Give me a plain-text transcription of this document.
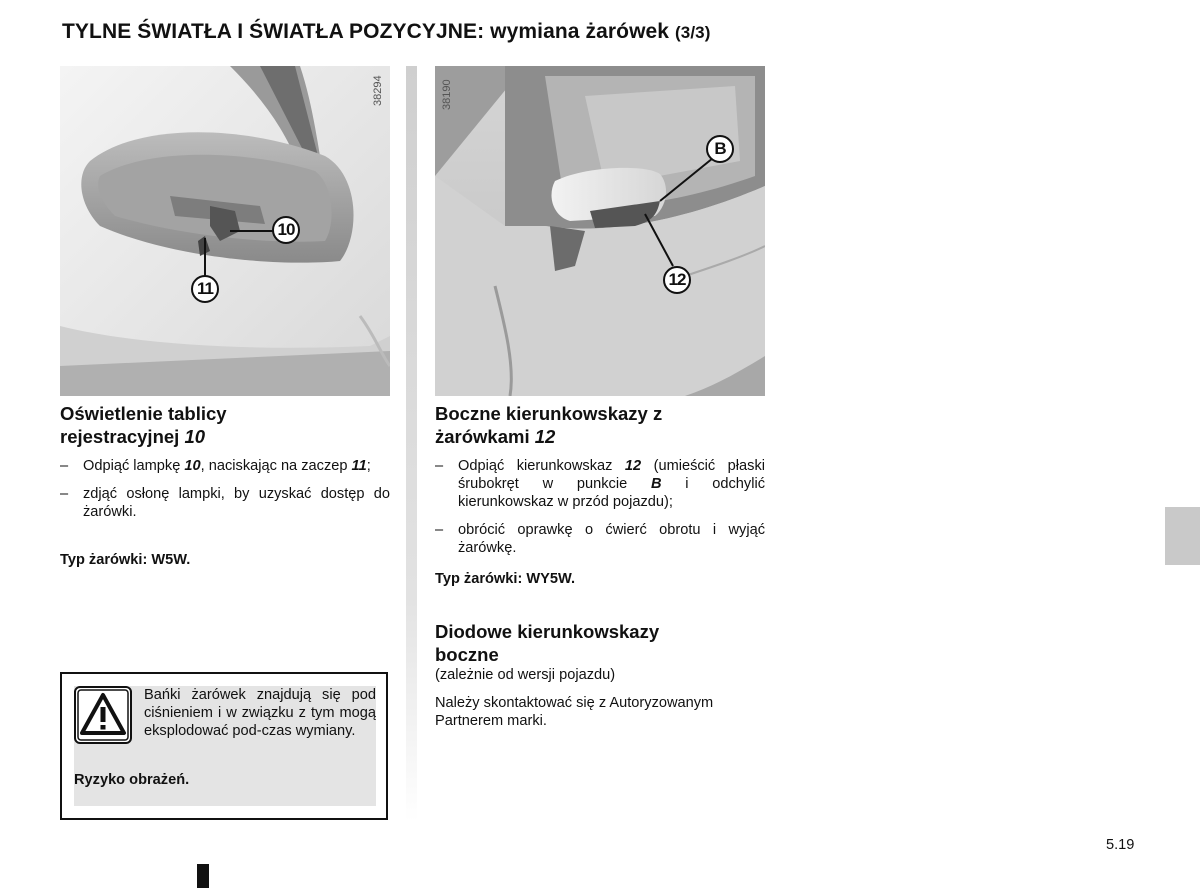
TYLNE ŚWIATŁA I ŚWIATŁA POZYCYJNE: wymiana żarówek (3/3)
38294
10
11
38190
B
12
Oświetlenie tablicy
rejestracyjnej 10
– Odpiąć lampkę 10, naciskając na zaczep 11;
– zdjąć osłonę lampki, by uzyskać dostęp do żarówki.
Typ żarówki: W5W.
Bańki żarówek znajdują się pod ciśnieniem i w związku z tym mogą eksplodować pod-czas wymiany.
Ryzyko obrażeń.
Boczne kierunkowskazy z
żarówkami 12
– Odpiąć kierunkowskaz 12 (umieścić płaski śrubokręt w punkcie B i odchylić kierunkowskaz w przód pojazdu);
– obrócić oprawkę o ćwierć obrotu i wyjąć żarówkę.
Typ żarówki: WY5W.
Diodowe kierunkowskazy
boczne
(zależnie od wersji pojazdu)
Należy skontaktować się z Autoryzowanym Partnerem marki.
5.19
